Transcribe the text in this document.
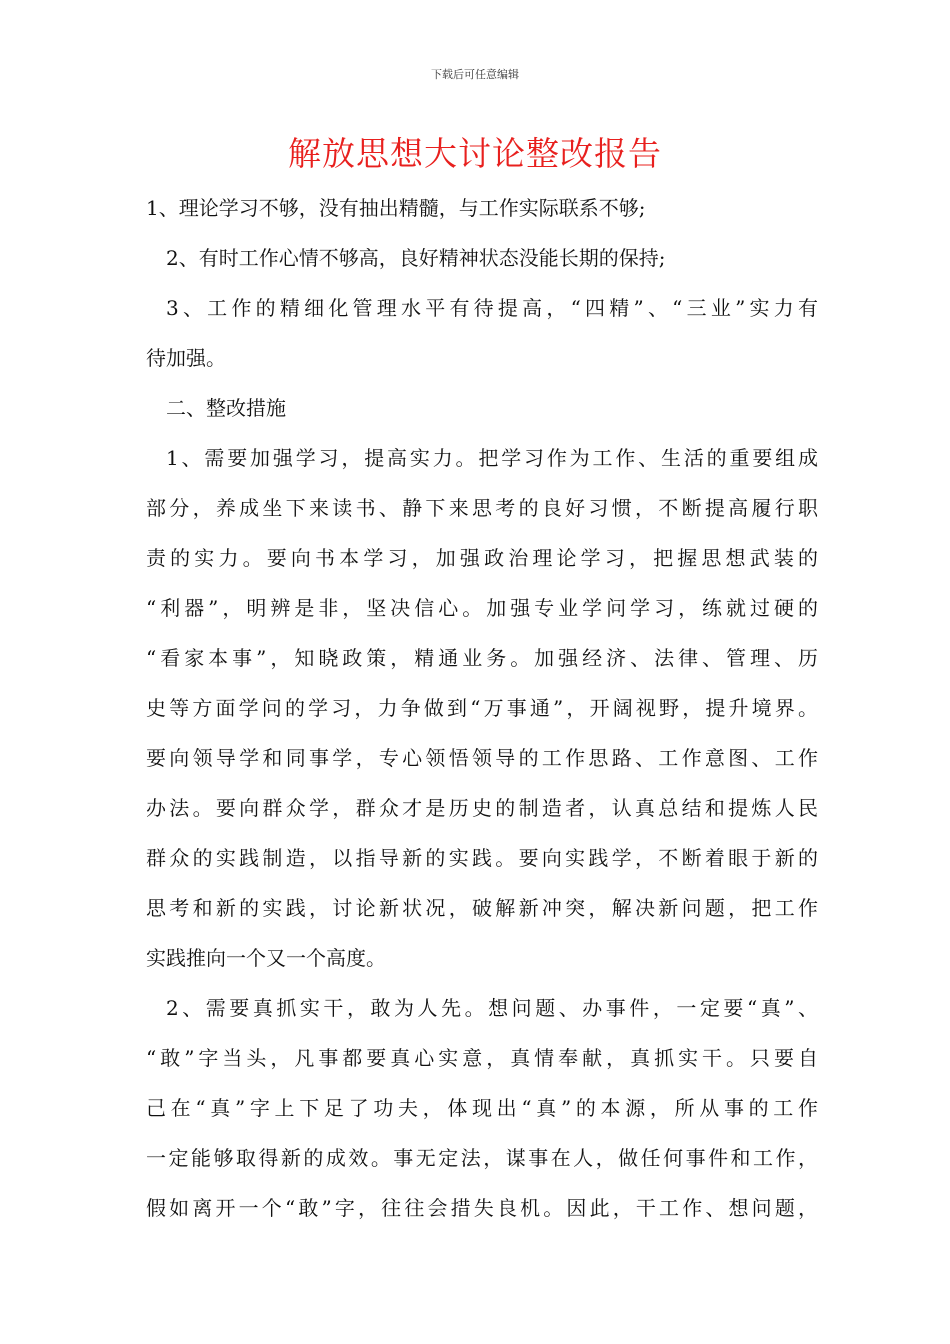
下载后可任意编辑
解放思想大讨论整改报告
1、理论学习不够，没有抽出精髓，与工作实际联系不够;
2、有时工作心情不够高，良好精神状态没能长期的保持;
3、工作的精细化管理水平有待提高，“四精”、“三业”实力有
待加强。
二、整改措施
1、需要加强学习，提高实力。把学习作为工作、生活的重要组成
部分，养成坐下来读书、静下来思考的良好习惯，不断提高履行职
责的实力。要向书本学习，加强政治理论学习，把握思想武装的
“利器”，明辨是非，坚决信心。加强专业学问学习，练就过硬的
“看家本事”，知晓政策，精通业务。加强经济、法律、管理、历
史等方面学问的学习，力争做到“万事通”，开阔视野，提升境界。
要向领导学和同事学，专心领悟领导的工作思路、工作意图、工作
办法。要向群众学，群众才是历史的制造者，认真总结和提炼人民
群众的实践制造，以指导新的实践。要向实践学，不断着眼于新的
思考和新的实践，讨论新状况，破解新冲突，解决新问题，把工作
实践推向一个又一个高度。
2、需要真抓实干，敢为人先。想问题、办事件，一定要“真”、
“敢”字当头，凡事都要真心实意，真情奉献，真抓实干。只要自
己在“真”字上下足了功夫，体现出“真”的本源，所从事的工作
一定能够取得新的成效。事无定法，谋事在人，做任何事件和工作，
假如离开一个“敢”字，往往会措失良机。因此，干工作、想问题，
